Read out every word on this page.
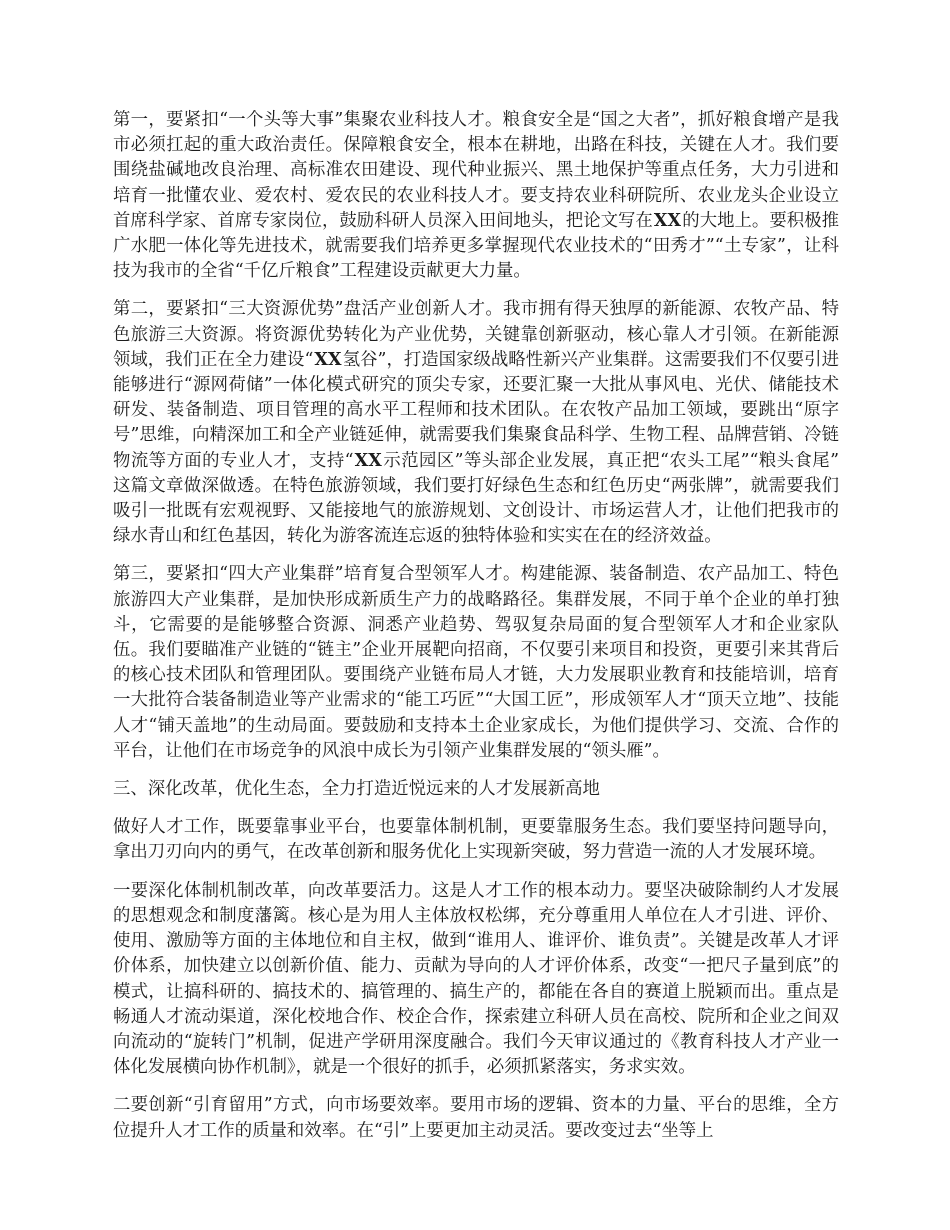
第一，要紧扣“一个头等大事”集聚农业科技人才。粮食安全是“国之大者”，抓好粮食增产是我市必须扛起的重大政治责任。保障粮食安全，根本在耕地，出路在科技，关键在人才。我们要围绕盐碱地改良治理、高标准农田建设、现代种业振兴、黑土地保护等重点任务，大力引进和培育一批懂农业、爱农村、爱农民的农业科技人才。要支持农业科研院所、农业龙头企业设立首席科学家、首席专家岗位，鼓励科研人员深入田间地头，把论文写在XX的大地上。要积极推广水肥一体化等先进技术，就需要我们培养更多掌握现代农业技术的“田秀才”“土专家”，让科技为我市的全省“千亿斤粮食”工程建设贡献更大力量。

第二，要紧扣“三大资源优势”盘活产业创新人才。我市拥有得天独厚的新能源、农牧产品、特色旅游三大资源。将资源优势转化为产业优势，关键靠创新驱动，核心靠人才引领。在新能源领域，我们正在全力建设“XX氢谷”，打造国家级战略性新兴产业集群。这需要我们不仅要引进能够进行“源网荷储”一体化模式研究的顶尖专家，还要汇聚一大批从事风电、光伏、储能技术研发、装备制造、项目管理的高水平工程师和技术团队。在农牧产品加工领域，要跳出“原字号”思维，向精深加工和全产业链延伸，就需要我们集聚食品科学、生物工程、品牌营销、冷链物流等方面的专业人才，支持“XX示范园区”等头部企业发展，真正把“农头工尾”“粮头食尾”这篇文章做深做透。在特色旅游领域，我们要打好绿色生态和红色历史“两张牌”，就需要我们吸引一批既有宏观视野、又能接地气的旅游规划、文创设计、市场运营人才，让他们把我市的绿水青山和红色基因，转化为游客流连忘返的独特体验和实实在在的经济效益。

第三，要紧扣“四大产业集群”培育复合型领军人才。构建能源、装备制造、农产品加工、特色旅游四大产业集群，是加快形成新质生产力的战略路径。集群发展，不同于单个企业的单打独斗，它需要的是能够整合资源、洞悉产业趋势、驾驭复杂局面的复合型领军人才和企业家队伍。我们要瞄准产业链的“链主”企业开展靶向招商，不仅要引来项目和投资，更要引来其背后的核心技术团队和管理团队。要围绕产业链布局人才链，大力发展职业教育和技能培训，培育一大批符合装备制造业等产业需求的“能工巧匠”“大国工匠”，形成领军人才“顶天立地”、技能人才“铺天盖地”的生动局面。要鼓励和支持本土企业家成长，为他们提供学习、交流、合作的平台，让他们在市场竞争的风浪中成长为引领产业集群发展的“领头雁”。

三、深化改革，优化生态，全力打造近悦远来的人才发展新高地

做好人才工作，既要靠事业平台，也要靠体制机制，更要靠服务生态。我们要坚持问题导向，拿出刀刃向内的勇气，在改革创新和服务优化上实现新突破，努力营造一流的人才发展环境。

一要深化体制机制改革，向改革要活力。这是人才工作的根本动力。要坚决破除制约人才发展的思想观念和制度藩篱。核心是为用人主体放权松绑，充分尊重用人单位在人才引进、评价、使用、激励等方面的主体地位和自主权，做到“谁用人、谁评价、谁负责”。关键是改革人才评价体系，加快建立以创新价值、能力、贡献为导向的人才评价体系，改变“一把尺子量到底”的模式，让搞科研的、搞技术的、搞管理的、搞生产的，都能在各自的赛道上脱颖而出。重点是畅通人才流动渠道，深化校地合作、校企合作，探索建立科研人员在高校、院所和企业之间双向流动的“旋转门”机制，促进产学研用深度融合。我们今天审议通过的《教育科技人才产业一体化发展横向协作机制》，就是一个很好的抓手，必须抓紧落实，务求实效。

二要创新“引育留用”方式，向市场要效率。要用市场的逻辑、资本的力量、平台的思维，全方位提升人才工作的质量和效率。在“引”上要更加主动灵活。要改变过去“坐等上
